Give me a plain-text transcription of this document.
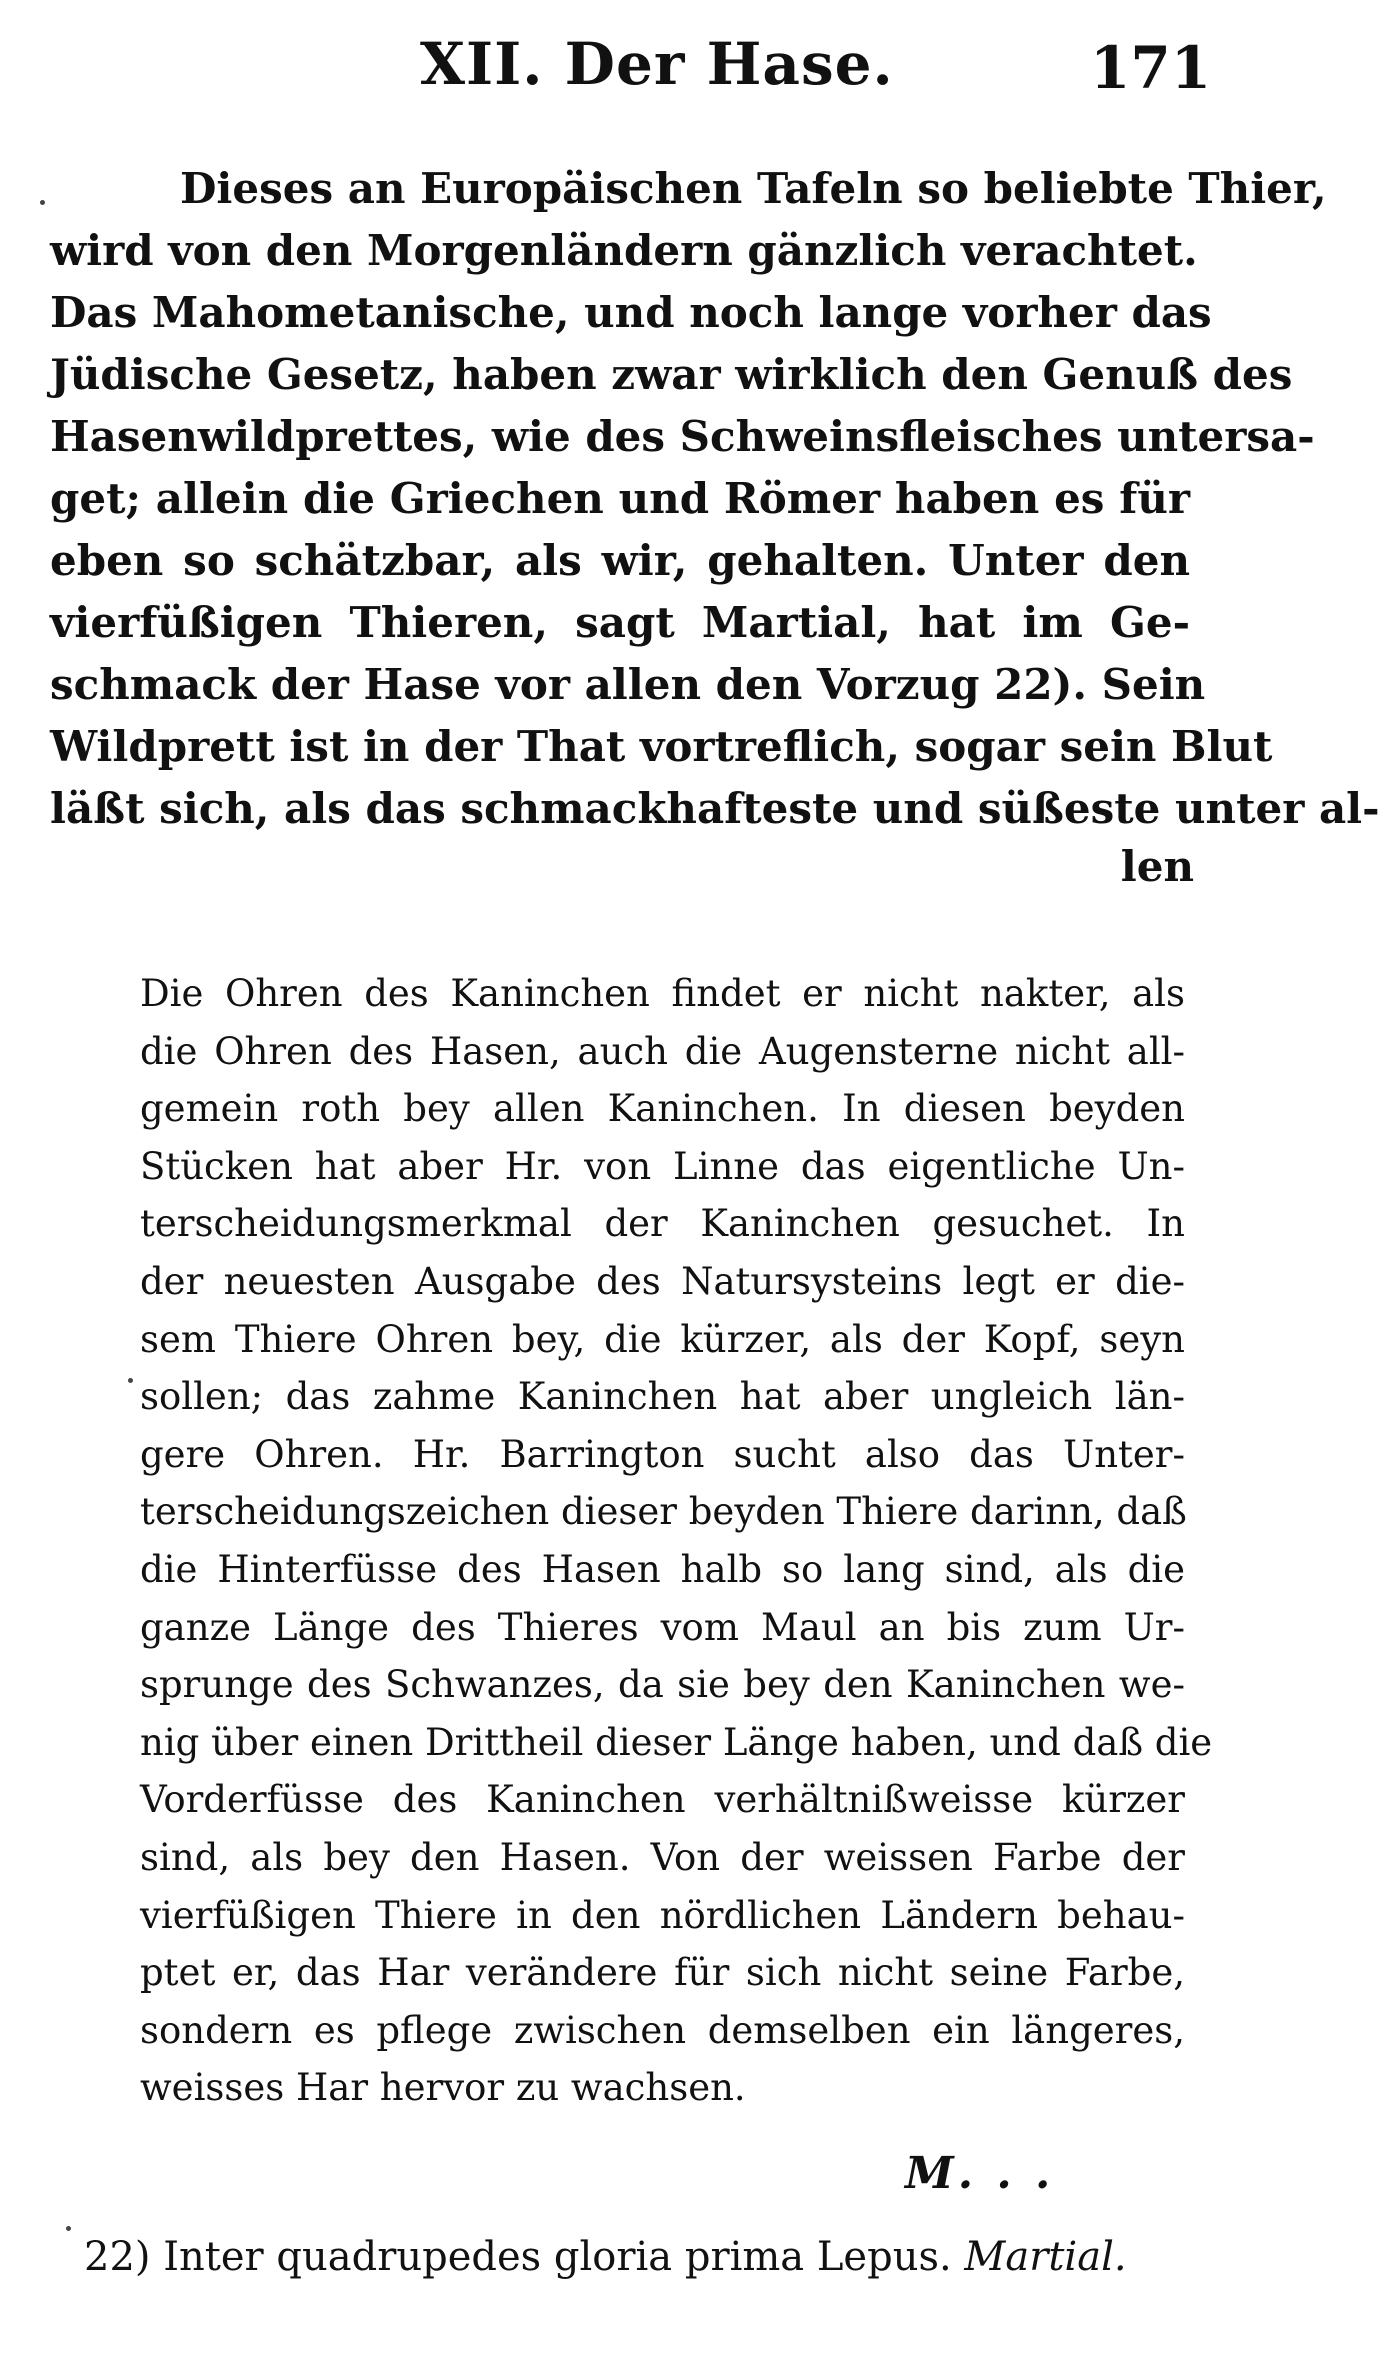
XII. Der Hase.	171
Dieses an Europäischen Tafeln so beliebte Thier,
wird von den Morgenländern gänzlich verachtet.
Das Mahometanische, und noch lange vorher das
Jüdische Gesetz, haben zwar wirklich den Genuß des
Hasenwildprettes, wie des Schweinsfleisches untersa-
get; allein die Griechen und Römer haben es für
eben so schätzbar, als wir, gehalten. Unter den
vierfüßigen Thieren, sagt Martial, hat im Ge-
schmack der Hase vor allen den Vorzug 22). Sein
Wildprett ist in der That vortreflich, sogar sein Blut
läßt sich, als das schmackhafteste und süßeste unter al-
len
Die Ohren des Kaninchen findet er nicht nakter, als
die Ohren des Hasen, auch die Augensterne nicht all-
gemein roth bey allen Kaninchen. In diesen beyden
Stücken hat aber Hr. von Linne das eigentliche Un-
terscheidungsmerkmal der Kaninchen gesuchet. In
der neuesten Ausgabe des Natursysteins legt er die-
sem Thiere Ohren bey, die kürzer, als der Kopf, seyn
sollen; das zahme Kaninchen hat aber ungleich län-
gere Ohren. Hr. Barrington sucht also das Unter-
terscheidungszeichen dieser beyden Thiere darinn, daß
die Hinterfüsse des Hasen halb so lang sind, als die
ganze Länge des Thieres vom Maul an bis zum Ur-
sprunge des Schwanzes, da sie bey den Kaninchen we-
nig über einen Drittheil dieser Länge haben, und daß die
Vorderfüsse des Kaninchen verhältnißweisse kürzer
sind, als bey den Hasen. Von der weissen Farbe der
vierfüßigen Thiere in den nördlichen Ländern behau-
ptet er, das Har verändere für sich nicht seine Farbe,
sondern es pflege zwischen demselben ein längeres,
weisses Har hervor zu wachsen.
M. . .
22) Inter quadrupedes gloria prima Lepus. Martial.
